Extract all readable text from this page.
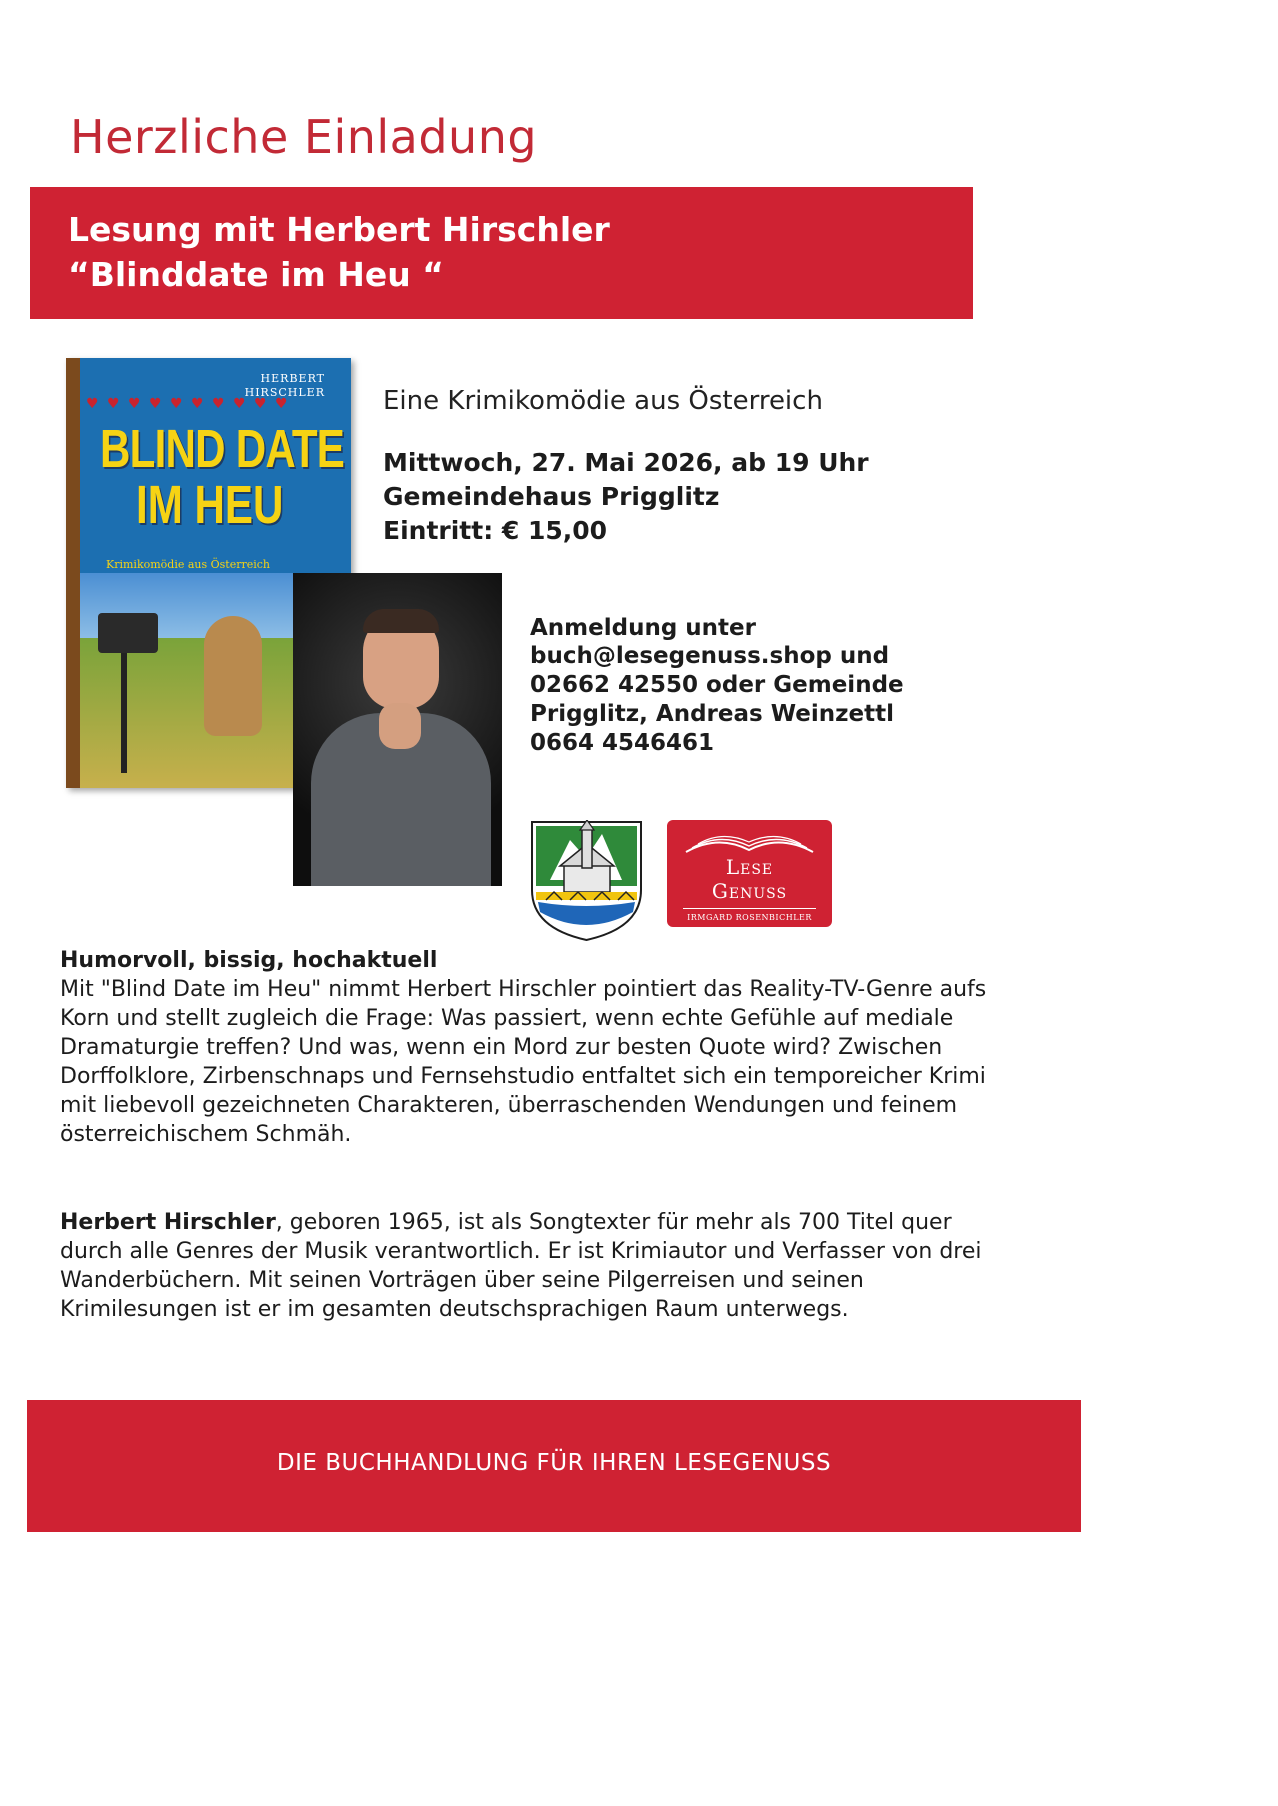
Herzliche Einladung
Lesung mit Herbert Hirschler
“Blinddate im Heu “
HERBERT
HIRSCHLER
♥ ♥ ♥ ♥ ♥ ♥ ♥ ♥ ♥ ♥
BLIND DATE
IM HEU
Krimikomödie aus Österreich
Eine Krimikomödie aus Österreich
Mittwoch, 27. Mai 2026, ab 19 Uhr
Gemeindehaus Prigglitz
Eintritt: € 15,00
Anmeldung unter
buch@lesegenuss.shop und
02662 42550 oder Gemeinde
Prigglitz, Andreas Weinzettl
0664 4546461
Lese
Genuss
IRMGARD ROSENBICHLER
Humorvoll, bissig, hochaktuell
Mit "Blind Date im Heu" nimmt Herbert Hirschler pointiert das Reality-TV-Genre aufs Korn und stellt zugleich die Frage: Was passiert, wenn echte Gefühle auf mediale Dramaturgie treffen? Und was, wenn ein Mord zur besten Quote wird? Zwischen Dorffolklore, Zirbenschnaps und Fernsehstudio entfaltet sich ein temporeicher Krimi mit liebevoll gezeichneten Charakteren, überraschenden Wendungen und feinem österreichischem Schmäh.
Herbert Hirschler, geboren 1965, ist als Songtexter für mehr als 700 Titel quer durch alle Genres der Musik verantwortlich. Er ist Krimiautor und Verfasser von drei Wanderbüchern. Mit seinen Vorträgen über seine Pilgerreisen und seinen Krimilesungen ist er im gesamten deutschsprachigen Raum unterwegs.
DIE BUCHHANDLUNG FÜR IHREN LESEGENUSS
